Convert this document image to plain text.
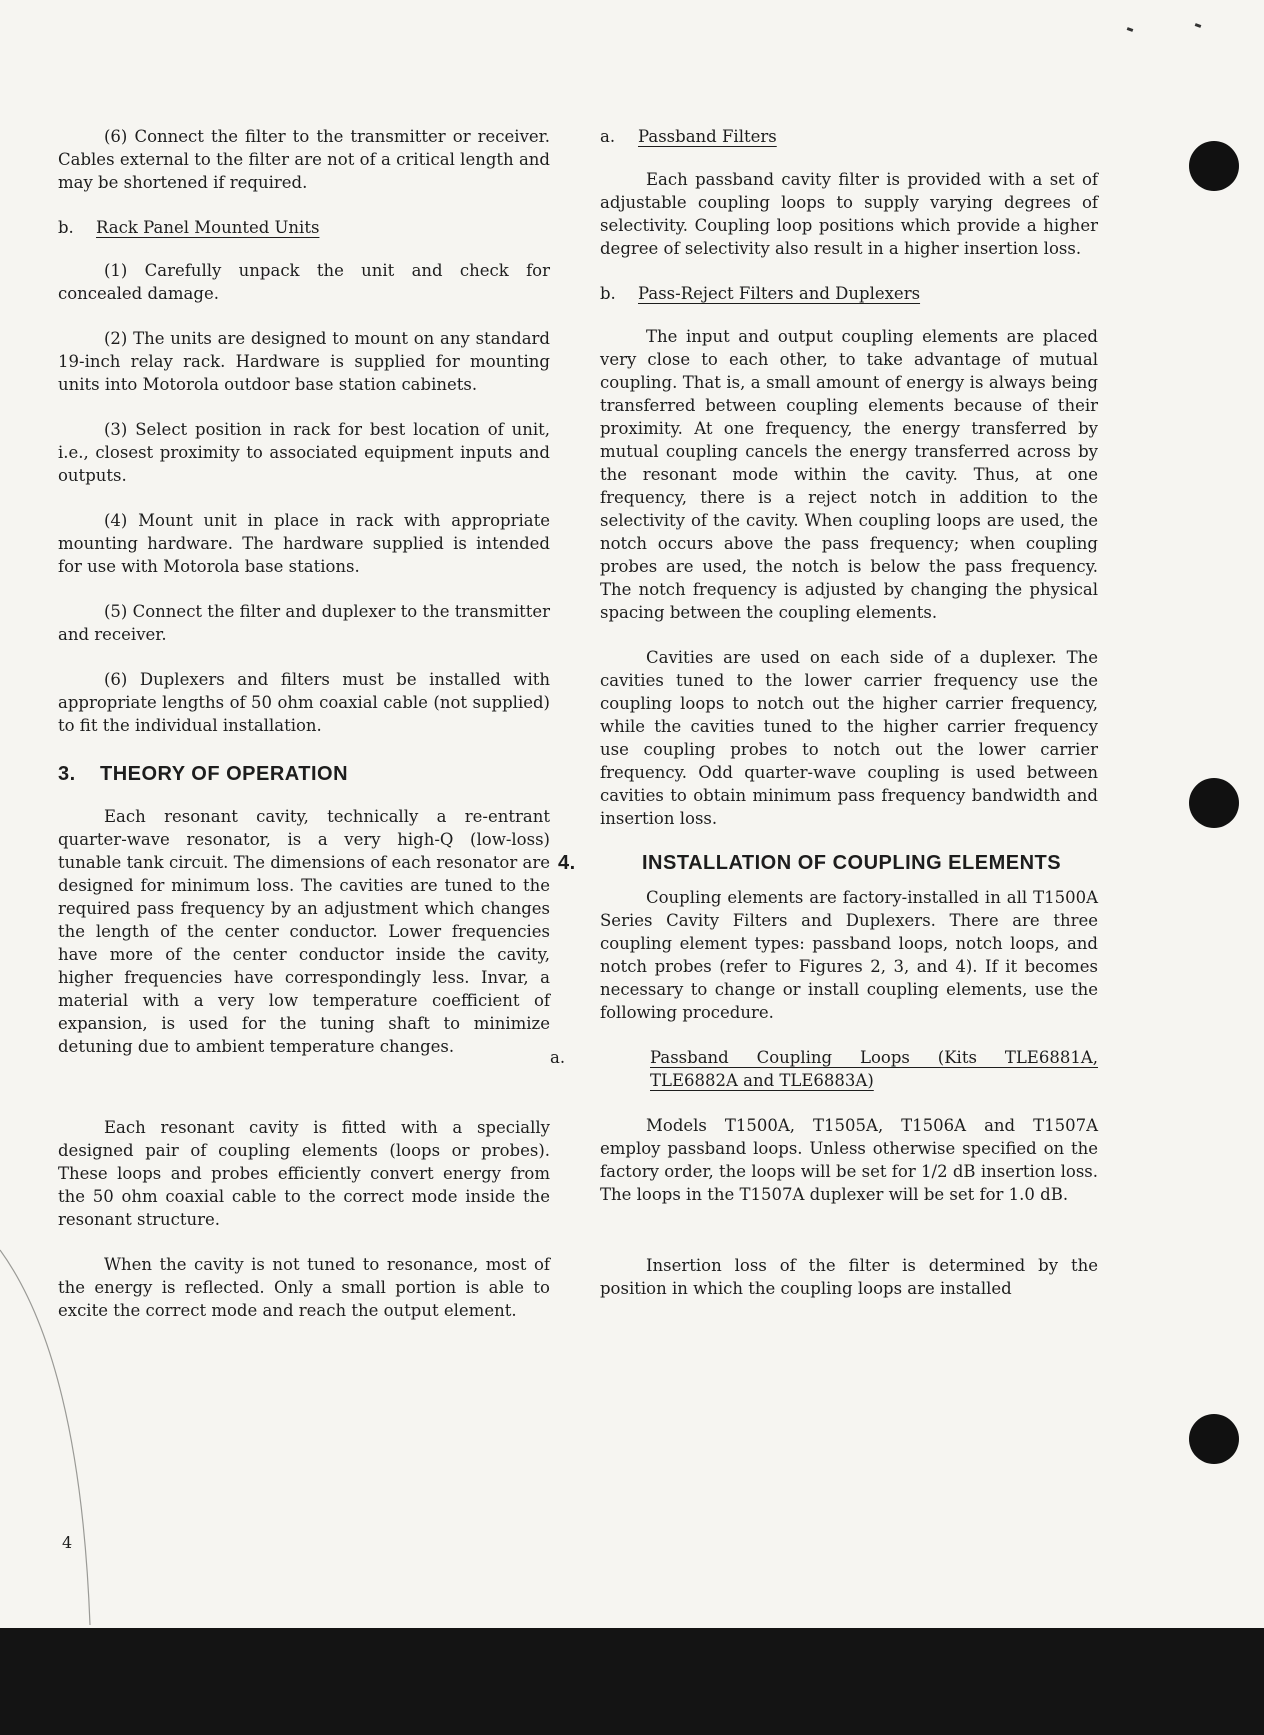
(6) Connect the filter to the transmitter or receiver. Cables external to the filter are not of a critical length and may be shortened if required.

b. Rack Panel Mounted Units

(1) Carefully unpack the unit and check for concealed damage.

(2) The units are designed to mount on any standard 19-inch relay rack. Hardware is supplied for mounting units into Motorola outdoor base station cabinets.

(3) Select position in rack for best location of unit, i.e., closest proximity to associated equipment inputs and outputs.

(4) Mount unit in place in rack with appropriate mounting hardware. The hardware supplied is intended for use with Motorola base stations.

(5) Connect the filter and duplexer to the transmitter and receiver.

(6) Duplexers and filters must be installed with appropriate lengths of 50 ohm coaxial cable (not supplied) to fit the individual installation.

3. THEORY OF OPERATION

Each resonant cavity, technically a re-entrant quarter-wave resonator, is a very high-Q (low-loss) tunable tank circuit. The dimensions of each resonator are designed for minimum loss. The cavities are tuned to the required pass frequency by an adjustment which changes the length of the center conductor. Lower frequencies have more of the center conductor inside the cavity, higher frequencies have correspondingly less. Invar, a material with a very low temperature coefficient of expansion, is used for the tuning shaft to minimize detuning due to ambient temperature changes.

Each resonant cavity is fitted with a specially designed pair of coupling elements (loops or probes). These loops and probes efficiently convert energy from the 50 ohm coaxial cable to the correct mode inside the resonant structure.

When the cavity is not tuned to resonance, most of the energy is reflected. Only a small portion is able to excite the correct mode and reach the output element.

a. Passband Filters

Each passband cavity filter is provided with a set of adjustable coupling loops to supply varying degrees of selectivity. Coupling loop positions which provide a higher degree of selectivity also result in a higher insertion loss.

b. Pass-Reject Filters and Duplexers

The input and output coupling elements are placed very close to each other, to take advantage of mutual coupling. That is, a small amount of energy is always being transferred between coupling elements because of their proximity. At one frequency, the energy transferred by mutual coupling cancels the energy transferred across by the resonant mode within the cavity. Thus, at one frequency, there is a reject notch in addition to the selectivity of the cavity. When coupling loops are used, the notch occurs above the pass frequency; when coupling probes are used, the notch is below the pass frequency. The notch frequency is adjusted by changing the physical spacing between the coupling elements.

Cavities are used on each side of a duplexer. The cavities tuned to the lower carrier frequency use the coupling loops to notch out the higher carrier frequency, while the cavities tuned to the higher carrier frequency use coupling probes to notch out the lower carrier frequency. Odd quarter-wave coupling is used between cavities to obtain minimum pass frequency bandwidth and insertion loss.

4.	INSTALLATION OF COUPLING ELEMENTS

Coupling elements are factory-installed in all T1500A Series Cavity Filters and Duplexers. There are three coupling element types: passband loops, notch loops, and notch probes (refer to Figures 2, 3, and 4). If it becomes necessary to change or install coupling elements, use the following procedure.

a.	Passband Coupling Loops (Kits TLE6881A, TLE6882A and TLE6883A)

Models T1500A, T1505A, T1506A and T1507A employ passband loops. Unless otherwise specified on the factory order, the loops will be set for 1/2 dB insertion loss. The loops in the T1507A duplexer will be set for 1.0 dB.

Insertion loss of the filter is determined by the position in which the coupling loops are installed

4
